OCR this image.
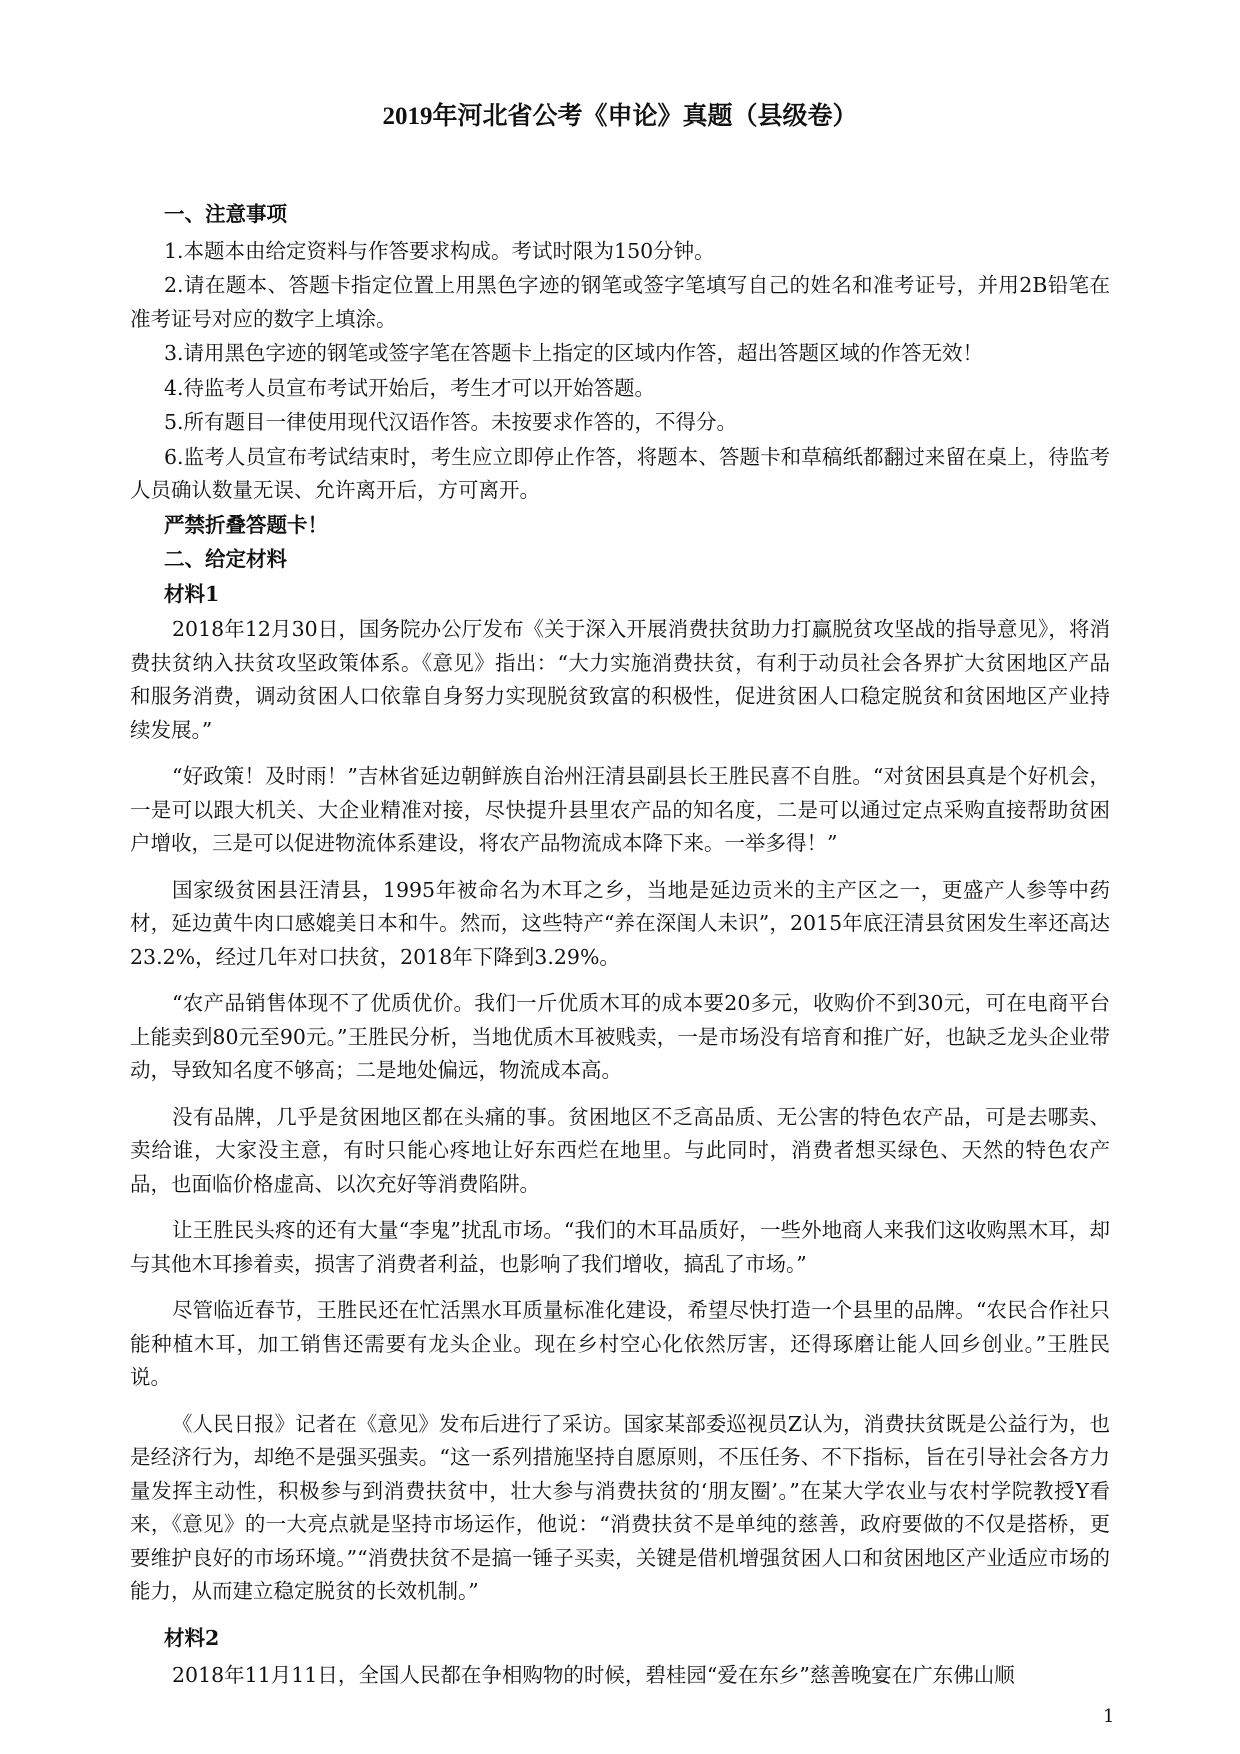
2019年河北省公考《申论》真题（县级卷）
一、注意事项
1.本题本由给定资料与作答要求构成。考试时限为150分钟。
2.请在题本、答题卡指定位置上用黑色字迹的钢笔或签字笔填写自己的姓名和准考证号，并用2B铅笔在准考证号对应的数字上填涂。
3.请用黑色字迹的钢笔或签字笔在答题卡上指定的区域内作答，超出答题区域的作答无效！
4.待监考人员宣布考试开始后，考生才可以开始答题。
5.所有题目一律使用现代汉语作答。未按要求作答的，不得分。
6.监考人员宣布考试结束时，考生应立即停止作答，将题本、答题卡和草稿纸都翻过来留在桌上，待监考人员确认数量无误、允许离开后，方可离开。
严禁折叠答题卡！
二、给定材料
材料1
2018年12月30日，国务院办公厅发布《关于深入开展消费扶贫助力打赢脱贫攻坚战的指导意见》，将消费扶贫纳入扶贫攻坚政策体系。《意见》指出：“大力实施消费扶贫，有利于动员社会各界扩大贫困地区产品和服务消费，调动贫困人口依靠自身努力实现脱贫致富的积极性，促进贫困人口稳定脱贫和贫困地区产业持续发展。”
“好政策！及时雨！”吉林省延边朝鲜族自治州汪清县副县长王胜民喜不自胜。“对贫困县真是个好机会，一是可以跟大机关、大企业精准对接，尽快提升县里农产品的知名度，二是可以通过定点采购直接帮助贫困户增收，三是可以促进物流体系建设，将农产品物流成本降下来。一举多得！”
国家级贫困县汪清县，1995年被命名为木耳之乡，当地是延边贡米的主产区之一，更盛产人参等中药材，延边黄牛肉口感媲美日本和牛。然而，这些特产“养在深闺人未识”，2015年底汪清县贫困发生率还高达23.2%，经过几年对口扶贫，2018年下降到3.29%。
“农产品销售体现不了优质优价。我们一斤优质木耳的成本要20多元，收购价不到30元，可在电商平台上能卖到80元至90元。”王胜民分析，当地优质木耳被贱卖，一是市场没有培育和推广好，也缺乏龙头企业带动，导致知名度不够高；二是地处偏远，物流成本高。
没有品牌，几乎是贫困地区都在头痛的事。贫困地区不乏高品质、无公害的特色农产品，可是去哪卖、卖给谁，大家没主意，有时只能心疼地让好东西烂在地里。与此同时，消费者想买绿色、天然的特色农产品，也面临价格虚高、以次充好等消费陷阱。
让王胜民头疼的还有大量“李鬼”扰乱市场。“我们的木耳品质好，一些外地商人来我们这收购黑木耳，却与其他木耳掺着卖，损害了消费者利益，也影响了我们增收，搞乱了市场。”
尽管临近春节，王胜民还在忙活黑水耳质量标准化建设，希望尽快打造一个县里的品牌。“农民合作社只能种植木耳，加工销售还需要有龙头企业。现在乡村空心化依然厉害，还得琢磨让能人回乡创业。”王胜民说。
《人民日报》记者在《意见》发布后进行了采访。国家某部委巡视员Z认为，消费扶贫既是公益行为，也是经济行为，却绝不是强买强卖。“这一系列措施坚持自愿原则，不压任务、不下指标，旨在引导社会各方力量发挥主动性，积极参与到消费扶贫中，壮大参与消费扶贫的‘朋友圈’。”在某大学农业与农村学院教授Y看来，《意见》的一大亮点就是坚持市场运作，他说：“消费扶贫不是单纯的慈善，政府要做的不仅是搭桥，更要维护良好的市场环境。”“消费扶贫不是搞一锤子买卖，关键是借机增强贫困人口和贫困地区产业适应市场的能力，从而建立稳定脱贫的长效机制。”
材料2
2018年11月11日，全国人民都在争相购物的时候，碧桂园“爱在东乡”慈善晚宴在广东佛山顺
1
